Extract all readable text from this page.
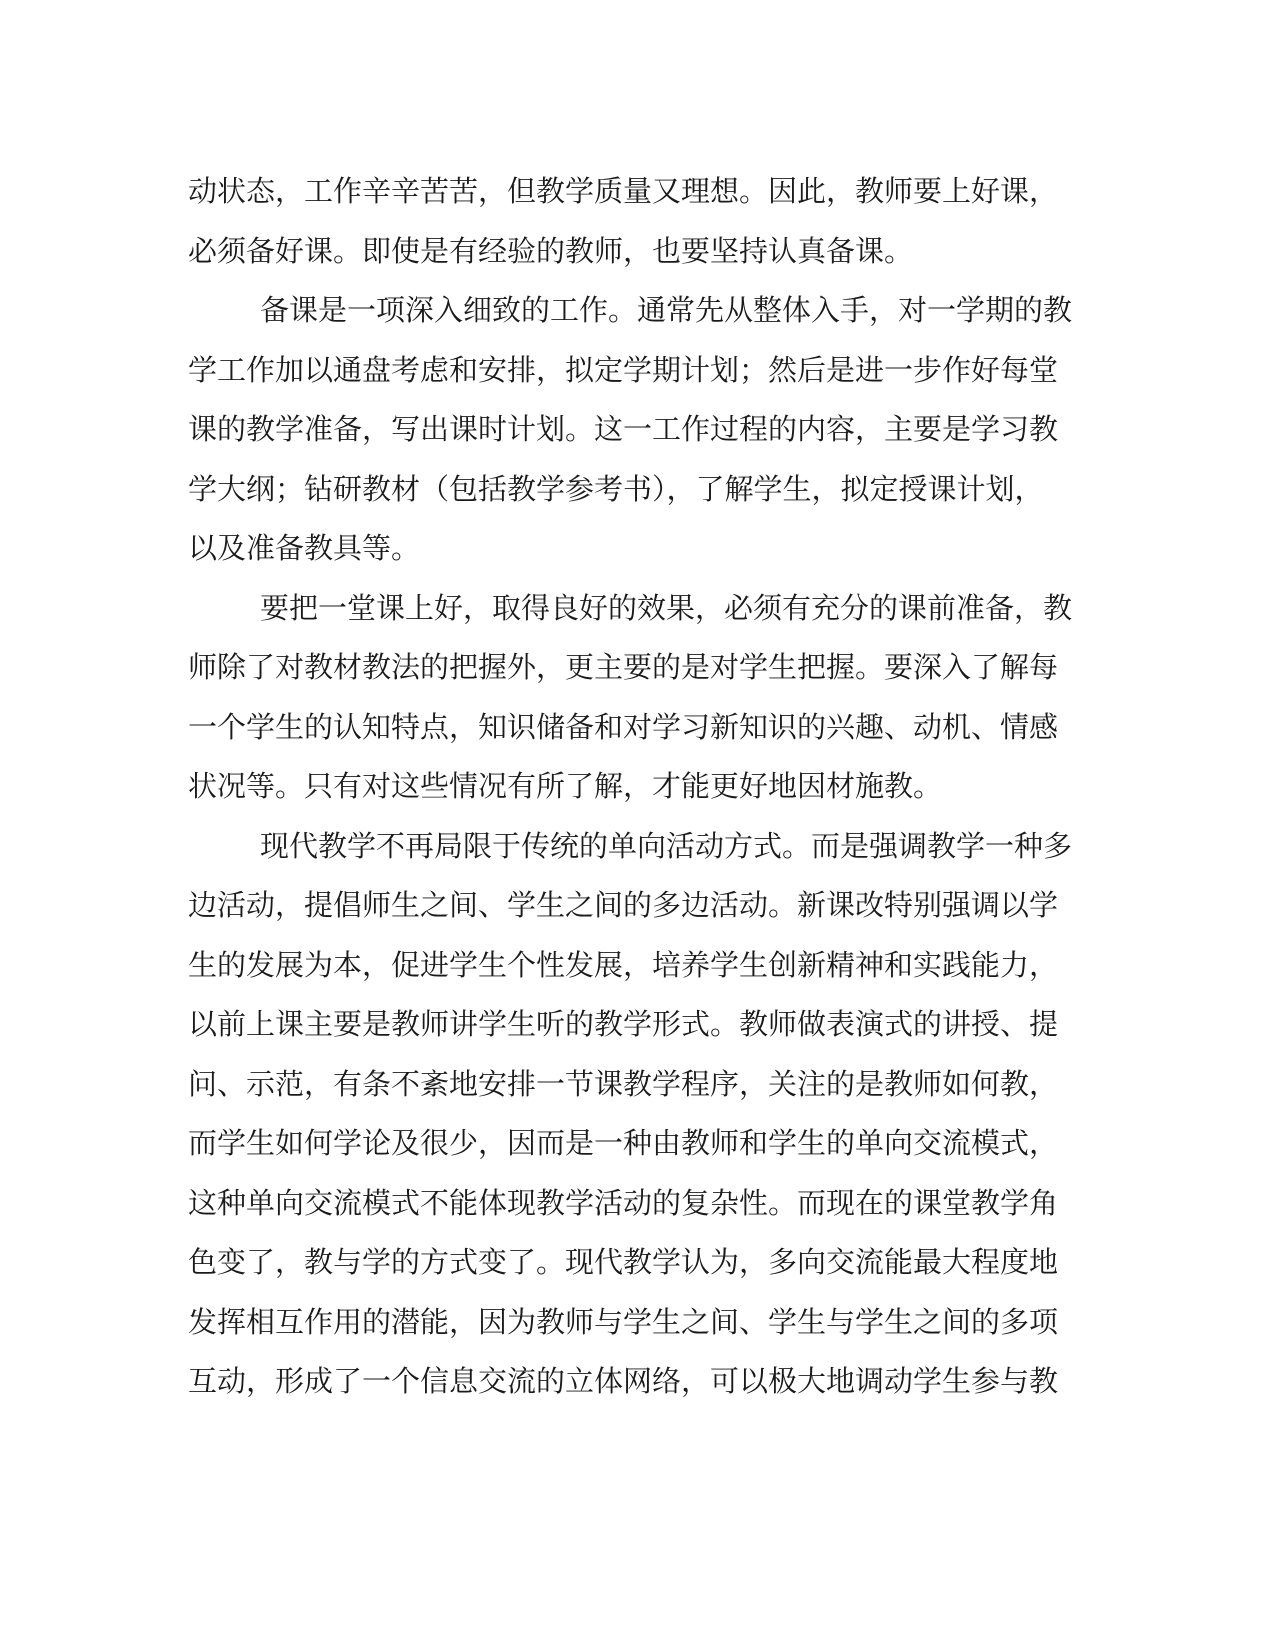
动状态，工作辛辛苦苦，但教学质量又理想。因此，教师要上好课，
必须备好课。即使是有经验的教师，也要坚持认真备课。
备课是一项深入细致的工作。通常先从整体入手，对一学期的教
学工作加以通盘考虑和安排，拟定学期计划；然后是进一步作好每堂
课的教学准备，写出课时计划。这一工作过程的内容，主要是学习教
学大纲；钻研教材（包括教学参考书），了解学生，拟定授课计划，
以及准备教具等。
要把一堂课上好，取得良好的效果，必须有充分的课前准备，教
师除了对教材教法的把握外，更主要的是对学生把握。要深入了解每
一个学生的认知特点，知识储备和对学习新知识的兴趣、动机、情感
状况等。只有对这些情况有所了解，才能更好地因材施教。
现代教学不再局限于传统的单向活动方式。而是强调教学一种多
边活动，提倡师生之间、学生之间的多边活动。新课改特别强调以学
生的发展为本，促进学生个性发展，培养学生创新精神和实践能力，
以前上课主要是教师讲学生听的教学形式。教师做表演式的讲授、提
问、示范，有条不紊地安排一节课教学程序，关注的是教师如何教，
而学生如何学论及很少，因而是一种由教师和学生的单向交流模式，
这种单向交流模式不能体现教学活动的复杂性。而现在的课堂教学角
色变了，教与学的方式变了。现代教学认为，多向交流能最大程度地
发挥相互作用的潜能，因为教师与学生之间、学生与学生之间的多项
互动，形成了一个信息交流的立体网络，可以极大地调动学生参与教
